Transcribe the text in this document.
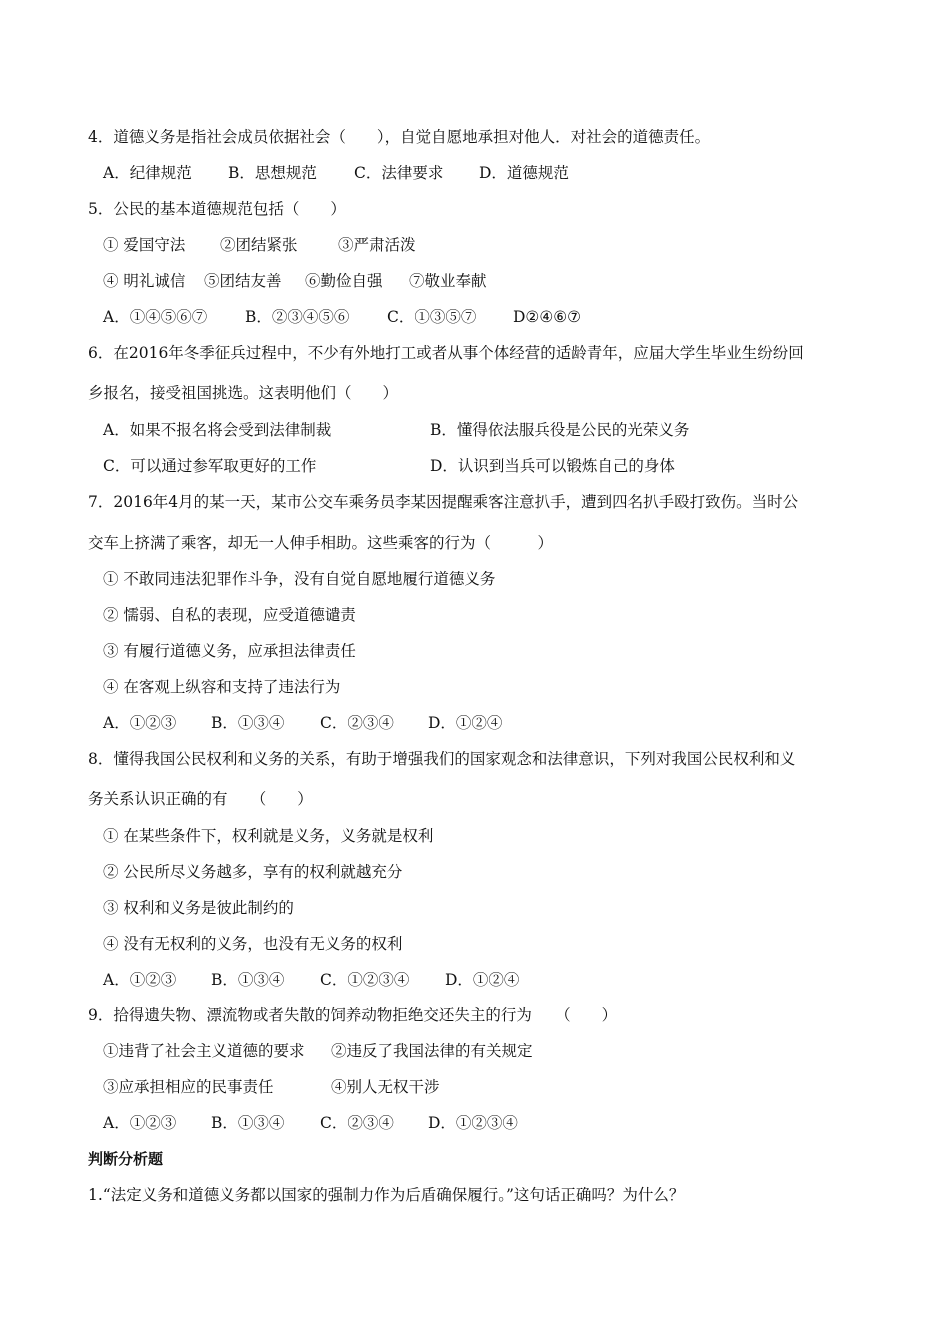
4．道德义务是指社会成员依据社会（　　），自觉自愿地承担对他人．对社会的道德责任。
A．纪律规范 B．思想规范 C．法律要求 D．道德规范
5．公民的基本道德规范包括（　　）
① 爱国守法 ②团结紧张	③严肃活泼
④ 明礼诚信 ⑤团结友善 ⑥勤俭自强 ⑦敬业奉献
A．①④⑤⑥⑦ B．②③④⑤⑥ C．①③⑤⑦ D②④⑥⑦
6．在2016年冬季征兵过程中，不少有外地打工或者从事个体经营的适龄青年，应届大学生毕业生纷纷回
乡报名，接受祖国挑选。这表明他们（　　）
A．如果不报名将会受到法律制裁	B．懂得依法服兵役是公民的光荣义务
C．可以通过参军取更好的工作	D．认识到当兵可以锻炼自己的身体
7．2016年4月的某一天，某市公交车乘务员李某因提醒乘客注意扒手，遭到四名扒手殴打致伤。当时公
交车上挤满了乘客，却无一人伸手相助。这些乘客的行为（　　　）
① 不敢同违法犯罪作斗争，没有自觉自愿地履行道德义务
② 懦弱、自私的表现，应受道德谴责
③ 有履行道德义务，应承担法律责任
④ 在客观上纵容和支持了违法行为
A．①②③ B．①③④ C．②③④ D．①②④
8．懂得我国公民权利和义务的关系，有助于增强我们的国家观念和法律意识，下列对我国公民权利和义
务关系认识正确的有　　（　　）
① 在某些条件下，权利就是义务，义务就是权利
② 公民所尽义务越多，享有的权利就越充分
③ 权利和义务是彼此制约的
④ 没有无权利的义务，也没有无义务的权利
A．①②③ B．①③④ C．①②③④ D．①②④
9．拾得遗失物、漂流物或者失散的饲养动物拒绝交还失主的行为　　（　　）
①违背了社会主义道德的要求 ②违反了我国法律的有关规定
③应承担相应的民事责任	④别人无权干涉
A．①②③ B．①③④ C．②③④ D．①②③④
判断分析题
1.“法定义务和道德义务都以国家的强制力作为后盾确保履行。”这句话正确吗？为什么？
